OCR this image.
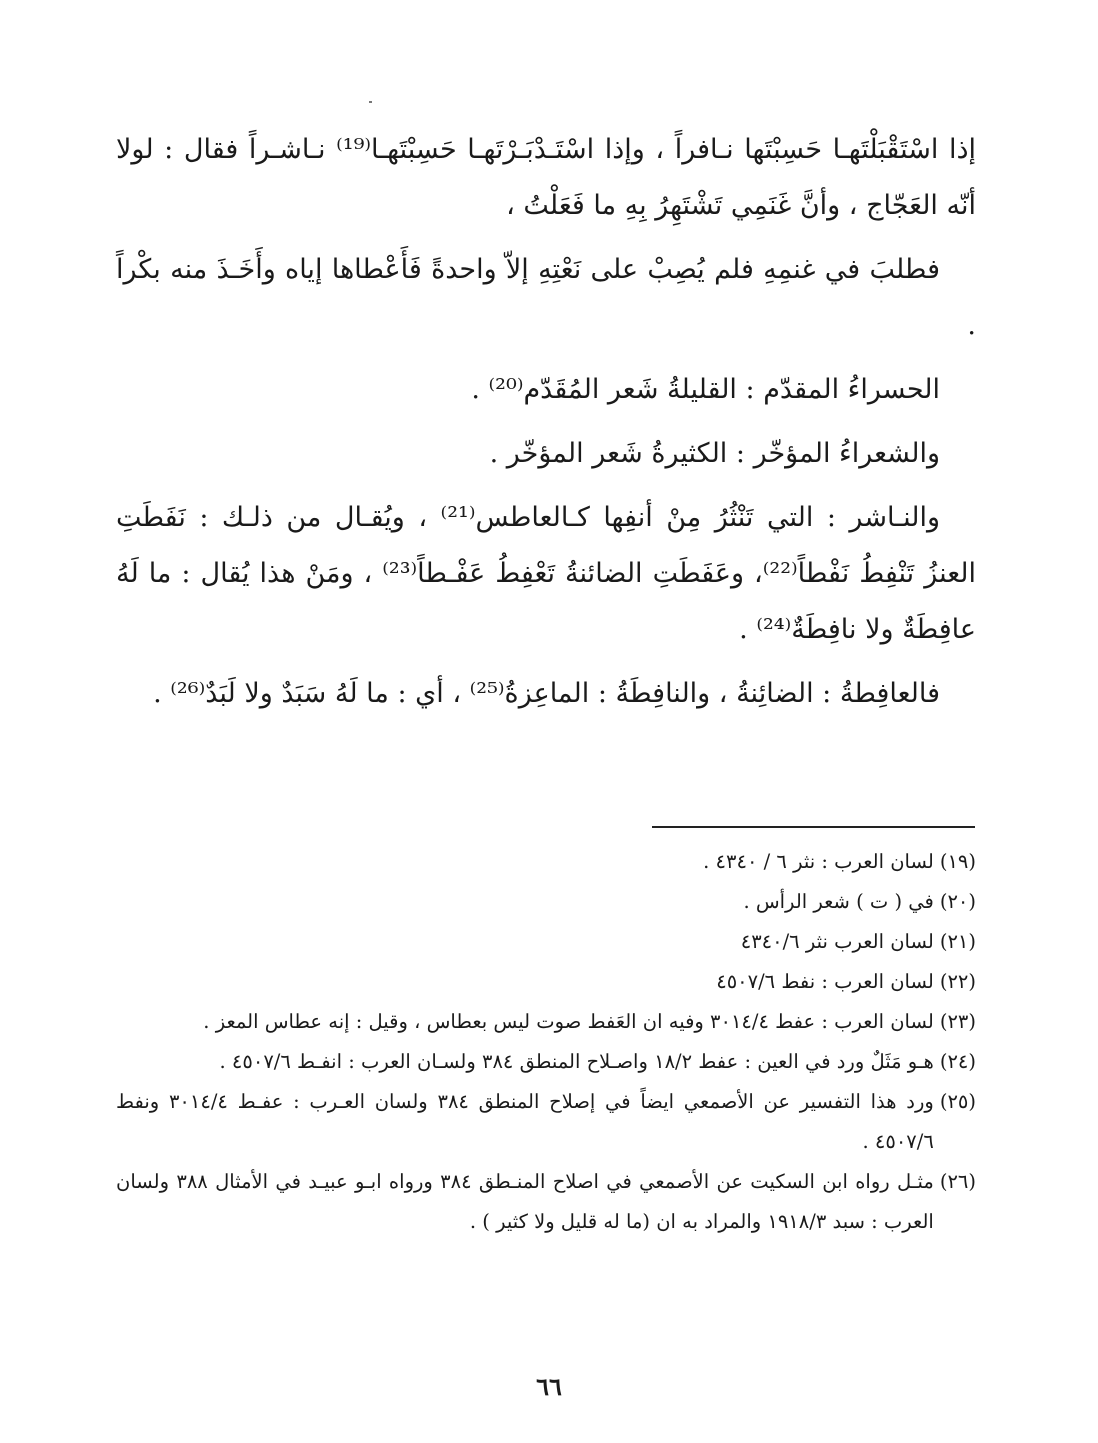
إذا اسْتَقْبَلْتَهـا حَسِبْتَها نـافراً ، وإذا اسْتَـدْبَـرْتَهـا حَسِبْتَهـا⁽¹⁹⁾ نـاشـراً فقال : لولا أنّه العَجّاج ، وأنَّ غَنَمِي تَشْتَهِرُ بِهِ ما فَعَلْتُ ،

فطلبَ في غنمِهِ فلم يُصِبْ على نَعْتِهِ إلاّ واحدةً فَأَعْطاها إياه وأَخَـذَ منه بكْراً .

الحسراءُ المقدّم : القليلةُ شَعر المُقَدّم⁽²⁰⁾ .

والشعراءُ المؤخّر : الكثيرةُ شَعر المؤخّر .

والنـاشر : التي تَنْثُرُ مِنْ أنفِها كـالعاطس⁽²¹⁾ ، ويُقـال من ذلـك : نَفَطَتِ العنزُ تَنْفِطُ نَفْطاً⁽²²⁾، وعَفَطَتِ الضائنةُ تَعْفِطُ عَفْـطاً⁽²³⁾ ، ومَنْ هذا يُقال : ما لَهُ عافِطَةٌ ولا نافِطَةٌ⁽²⁴⁾ .

فالعافِطةُ : الضائِنةُ ، والنافِطَةُ : الماعِزةُ⁽²⁵⁾ ، أي : ما لَهُ سَبَدٌ ولا لَبَدٌ⁽²⁶⁾ .

(١٩)
لسان العرب : نثر ٦ / ٤٣٤٠ .
(٢٠)
في ( ت ) شعر الرأس .
(٢١)
لسان العرب نثر ٤٣٤٠/٦
(٢٢)
لسان العرب : نفط ٤٥٠٧/٦
(٢٣)
لسان العرب : عفط ٣٠١٤/٤ وفيه ان العَفط صوت ليس بعطاس ، وقيل : إنه عطاس المعز .
(٢٤)
هـو مَثَلٌ ورد في العين : عفط ١٨/٢ واصـلاح المنطق ٣٨٤ ولسـان العرب : انفـط ٤٥٠٧/٦ .
(٢٥)
ورد هذا التفسير عن الأصمعي ايضاً في إصلاح المنطق ٣٨٤ ولسان العـرب : عفـط ٣٠١٤/٤ ونفط ٤٥٠٧/٦ .
(٢٦)
مثـل رواه ابن السكيت عن الأصمعي في اصلاح المنـطق ٣٨٤ ورواه ابـو عبيـد في الأمثال ٣٨٨ ولسان العرب : سبد ١٩١٨/٣ والمراد به ان (ما له قليل ولا كثير ) .
٦٦
